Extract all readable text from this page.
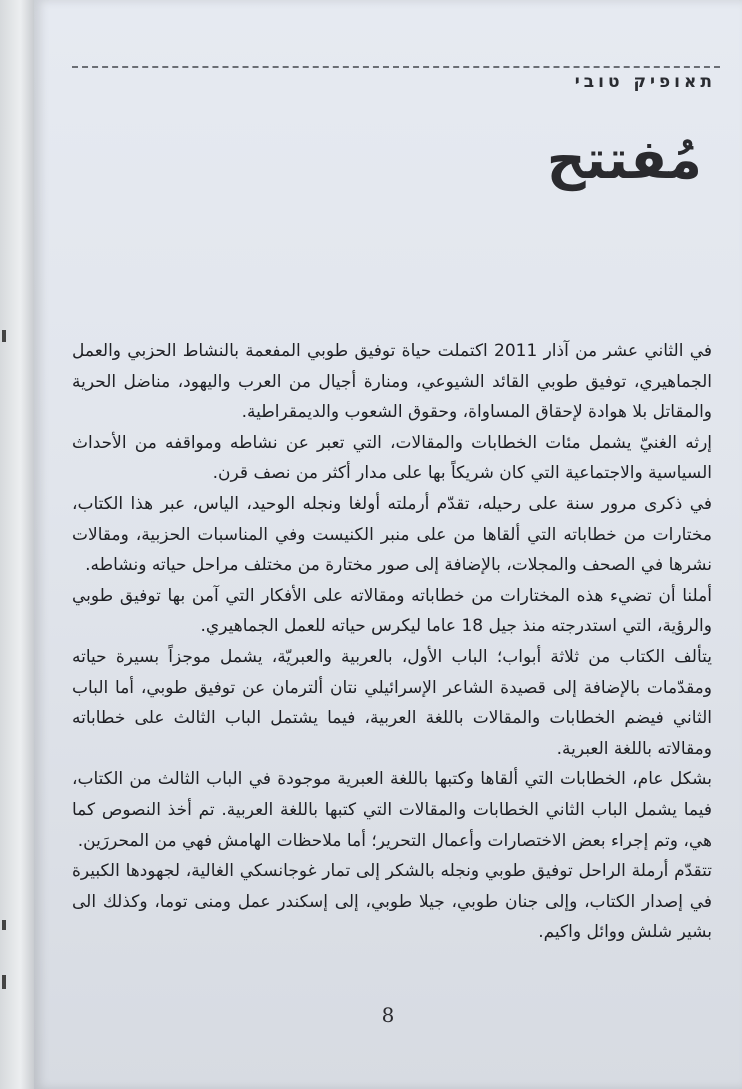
תאופיק טובי
مُفتتح

في الثاني عشر من آذار 2011 اكتملت حياة توفيق طوبي المفعمة بالنشاط الحزبي والعمل الجماهيري، توفيق طوبي القائد الشيوعي، ومنارة أجيال من العرب واليهود، مناضل الحرية والمقاتل بلا هوادة لإحقاق المساواة، وحقوق الشعوب والديمقراطية.

إرثه الغنيّ يشمل مئات الخطابات والمقالات، التي تعبر عن نشاطه ومواقفه من الأحداث السياسية والاجتماعية التي كان شريكاً بها على مدار أكثر من نصف قرن.

في ذكرى مرور سنة على رحيله، تقدّم أرملته أولغا ونجله الوحيد، الياس، عبر هذا الكتاب، مختارات من خطاباته التي ألقاها من على منبر الكنيست وفي المناسبات الحزبية، ومقالات نشرها في الصحف والمجلات، بالإضافة إلى صور مختارة من مختلف مراحل حياته ونشاطه.

أملنا أن تضيء هذه المختارات من خطاباته ومقالاته على الأفكار التي آمن بها توفيق طوبي والرؤية، التي استدرجته منذ جيل 18 عاما ليكرس حياته للعمل الجماهيري.

يتألف الكتاب من ثلاثة أبواب؛ الباب الأول، بالعربية والعبريّة، يشمل موجزاً بسيرة حياته ومقدّمات بالإضافة إلى قصيدة الشاعر الإسرائيلي نتان ألترمان عن توفيق طوبي، أما الباب الثاني فيضم الخطابات والمقالات باللغة العربية، فيما يشتمل الباب الثالث على خطاباته ومقالاته باللغة العبرية.

بشكل عام، الخطابات التي ألقاها وكتبها باللغة العبرية موجودة في الباب الثالث من الكتاب، فيما يشمل الباب الثاني الخطابات والمقالات التي كتبها باللغة العربية. تم أخذ النصوص كما هي، وتم إجراء بعض الاختصارات وأعمال التحرير؛ أما ملاحظات الهامش فهي من المحررَين.

تتقدّم أرملة الراحل توفيق طوبي ونجله بالشكر إلى تمار غوجانسكي الغالية، لجهودها الكبيرة في إصدار الكتاب، وإلى جنان طوبي، جيلا طوبي، إلى إسكندر عمل ومنى توما، وكذلك الى بشير شلش ووائل واكيم.

8
